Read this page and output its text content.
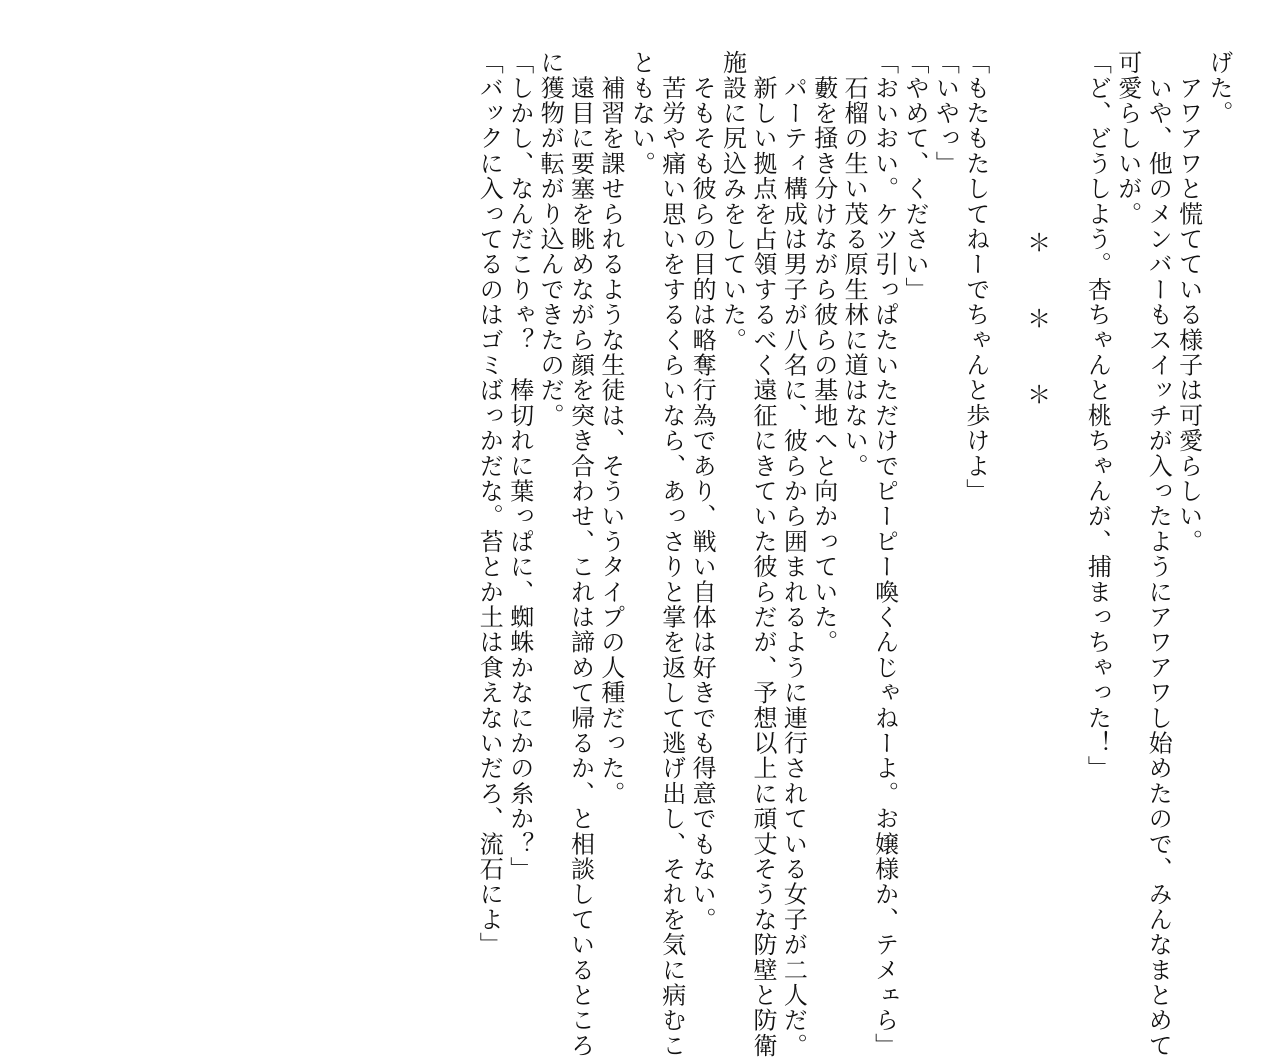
げた。
　アワアワと慌てている様子は可愛らしい。
　いや、他のメンバーもスイッチが入ったようにアワアワし始めたので、みんなまとめて
可愛らしいが。
「ど、どうしよう。杏ちゃんと桃ちゃんが、捕まっちゃった！」
＊　＊　＊
「もたもたしてねーでちゃんと歩けよ」
「いやっ」
「やめて、ください」
「おいおい。ケツ引っぱたいただけでピーピー喚くんじゃねーよ。お嬢様か、テメェら」
　石榴の生い茂る原生林に道はない。
　藪を掻き分けながら彼らの基地へと向かっていた。
　パーティ構成は男子が八名に、彼らから囲まれるように連行されている女子が二人だ。
　新しい拠点を占領するべく遠征にきていた彼らだが、予想以上に頑丈そうな防壁と防衛
施設に尻込みをしていた。
　そもそも彼らの目的は略奪行為であり、戦い自体は好きでも得意でもない。
　苦労や痛い思いをするくらいなら、あっさりと掌を返して逃げ出し、それを気に病むこ
ともない。
　補習を課せられるような生徒は、そういうタイプの人種だった。
　遠目に要塞を眺めながら顔を突き合わせ、これは諦めて帰るか、と相談しているところ
に獲物が転がり込んできたのだ。
「しかし、なんだこりゃ？　棒切れに葉っぱに、蜘蛛かなにかの糸か？」
「バックに入ってるのはゴミばっかだな。苔とか土は食えないだろ、流石によ」
